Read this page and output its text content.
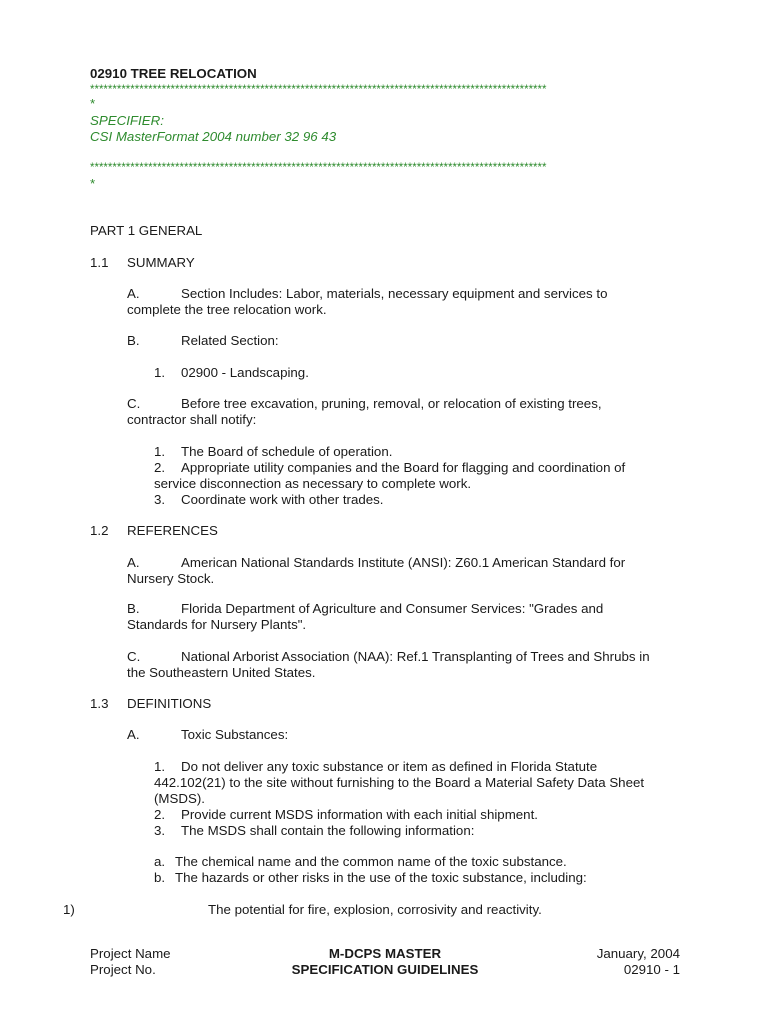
02910 TREE RELOCATION
******************************************************************************************************
*
SPECIFIER:
CSI MasterFormat 2004 number 32 96 43
******************************************************************************************************
*
PART 1 GENERAL
1.1 SUMMARY
A.	Section Includes: Labor, materials, necessary equipment and services to
complete the tree relocation work.
B.	Related Section:
1. 02900 - Landscaping.
C.	Before tree excavation, pruning, removal, or relocation of existing trees,
contractor shall notify:
1. The Board of schedule of operation.
2. Appropriate utility companies and the Board for flagging and coordination of
service disconnection as necessary to complete work.
3. Coordinate work with other trades.
1.2 REFERENCES
A.	American National Standards Institute (ANSI): Z60.1 American Standard for
Nursery Stock.
B.	Florida Department of Agriculture and Consumer Services: "Grades and
Standards for Nursery Plants".
C.	National Arborist Association (NAA): Ref.1 Transplanting of Trees and Shrubs in
the Southeastern United States.
1.3 DEFINITIONS
A.	Toxic Substances:
1. Do not deliver any toxic substance or item as defined in Florida Statute
442.102(21) to the site without furnishing to the Board a Material Safety Data Sheet
(MSDS).
2. Provide current MSDS information with each initial shipment.
3. The MSDS shall contain the following information:
a. The chemical name and the common name of the toxic substance.
b. The hazards or other risks in the use of the toxic substance, including:
1)	The potential for fire, explosion, corrosivity and reactivity.
Project Name
Project No.
M-DCPS MASTER
SPECIFICATION GUIDELINES
January, 2004
02910 - 1
